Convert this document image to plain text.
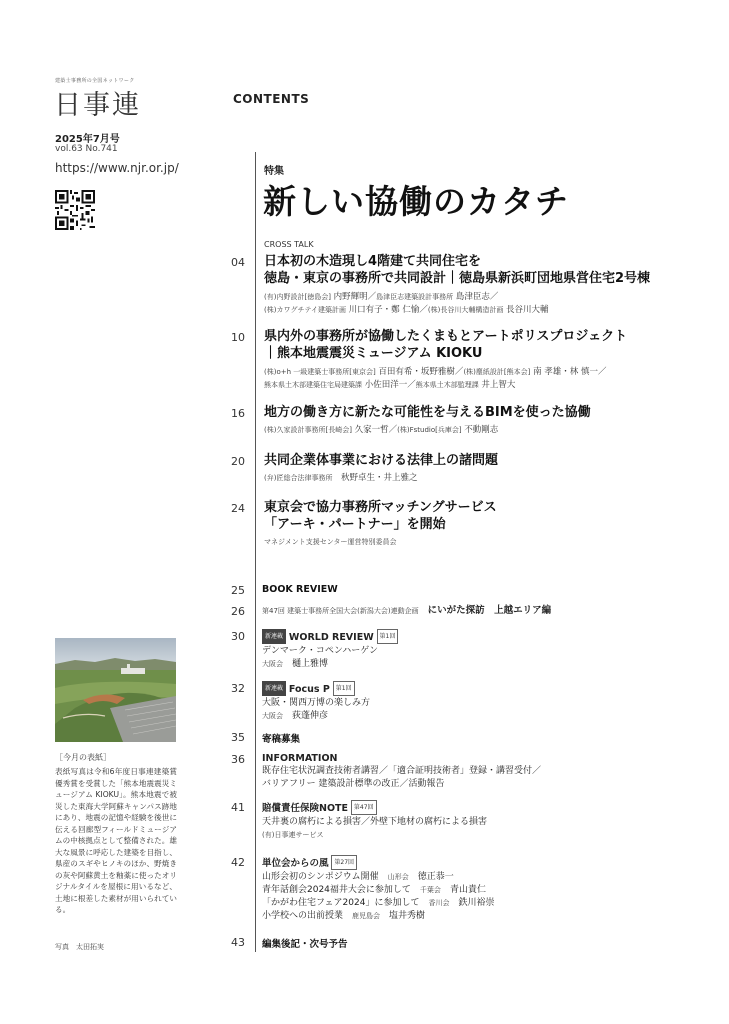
建築士事務所の全国ネットワーク
日事連
2025年7月号
vol.63 No.741
https://www.njr.or.jp/
CONTENTS
特集
新しい協働のカタチ
CROSS TALK
04 日本初の木造現し4階建て共同住宅を
徳島・東京の事務所で共同設計｜徳島県新浜町団地県営住宅2号棟
(有)内野設計[徳島会] 内野輝明／島津臣志建築設計事務所 島津臣志／
(株)カワグチテイ建築計画 川口有子・鄭 仁愉／(株)長谷川大輔構造計画 長谷川大輔
10 県内外の事務所が協働したくまもとアートポリスプロジェクト
｜熊本地震震災ミュージアム KIOKU
(株)o+h 一級建築士事務所[東京会] 百田有希・坂野雅樹／(株)塵紙設計[熊本会] 南 孝雄・林 慎一／
熊本県土木部建築住宅局建築課 小佐田洋一／熊本県土木部監理課 井上智大
16 地方の働き方に新たな可能性を与えるBIMを使った協働
(株)久家設計事務所[長崎会] 久家一哲／(株)Fstudio[兵庫会] 不動剛志
20 共同企業体事業における法律上の諸問題
(弁)匠総合法律事務所　秋野卓生・井上雅之
24 東京会で協力事務所マッチングサービス
「アーキ・パートナー」を開始
マネジメント支援センター運営特別委員会
25 BOOK REVIEW
26 第47回 建築士事務所全国大会(新潟大会)連動企画　 にいがた探訪　上越エリア編
30	新連載 WORLD REVIEW 第1回
デンマーク・コペンハーゲン
大阪会　樋上雅博
32	新連載 Focus P 第1回
大阪・関西万博の楽しみ方
大阪会　荻蓬伸彦
35 寄稿募集
36 INFORMATION
既存住宅状況調査技術者講習／「適合証明技術者」登録・講習受付／
バリアフリー 建築設計標準の改正／活動報告
41 賠償責任保険NOTE 第47回
天井裏の腐朽による損害／外壁下地材の腐朽による損害
(有)日事連サービス
42 単位会からの風 第27回
山形会初のシンポジウム開催　 山形会　 徳正恭一
青年話創会2024福井大会に参加して　 千葉会　 青山貴仁
「かがわ住宅フェア2024」に参加して　 香川会　 鉄川裕崇
小学校への出前授業　 鹿児島会　 塩井秀樹
43 編集後記・次号予告
［今月の表紙］
表紙写真は令和6年度日事連建築賞優秀賞を受賞した「熊本地震震災ミュージアム KIOKU」。熊本地震で被災した東海大学阿蘇キャンパス跡地にあり、地震の記憶や経験を後世に伝える回廊型フィールドミュージアムの中核拠点として整備された。雄大な風景に呼応した建築を目指し、県産のスギやヒノキのほか、野焼きの灰や阿蘇黄土を釉薬に使ったオリジナルタイルを屋根に用いるなど、土地に根差した素材が用いられている。
写真　太田拓実
